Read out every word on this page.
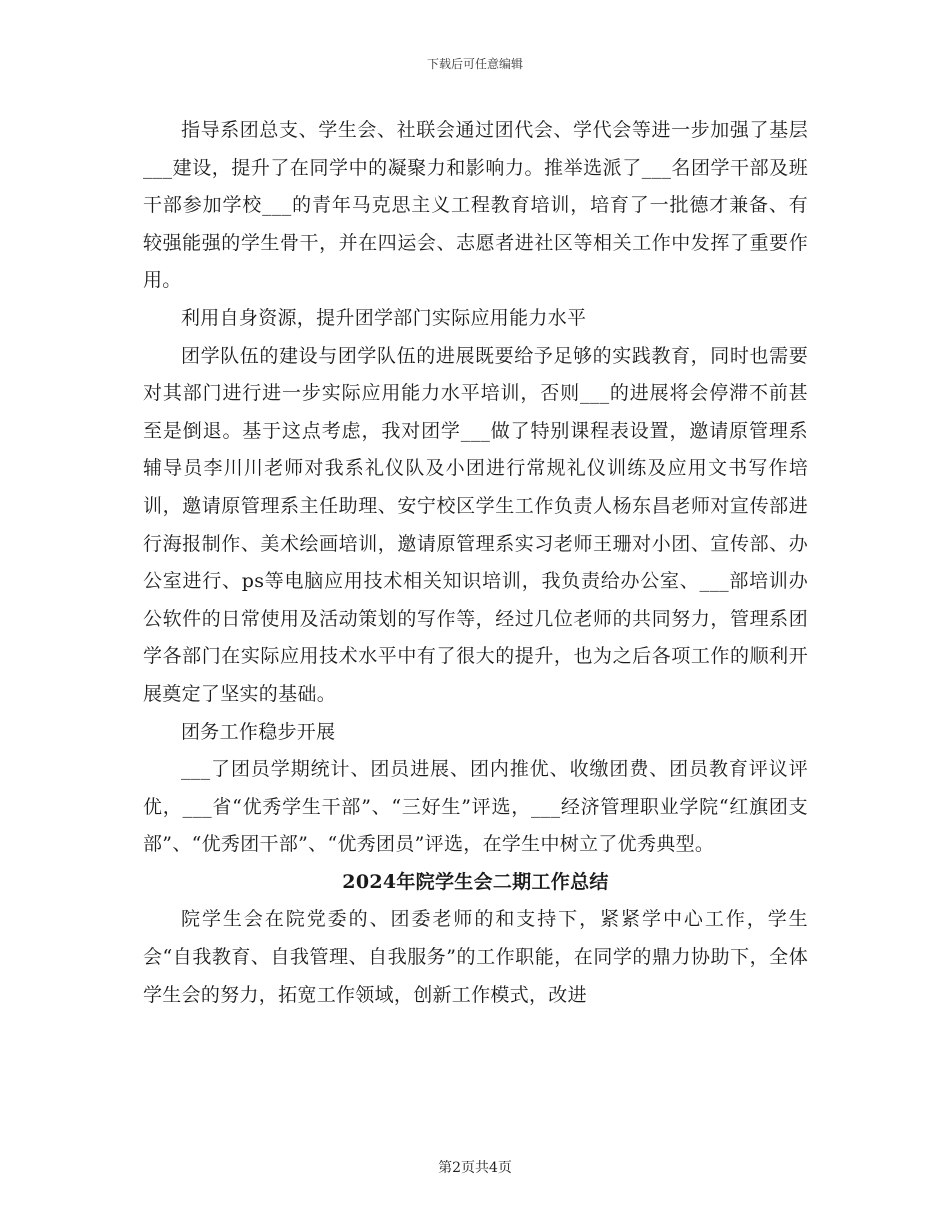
下载后可任意编辑

指导系团总支、学生会、社联会通过团代会、学代会等进一步加强了基层___建设，提升了在同学中的凝聚力和影响力。推举选派了___名团学干部及班干部参加学校___的青年马克思主义工程教育培训，培育了一批德才兼备、有较强能强的学生骨干，并在四运会、志愿者进社区等相关工作中发挥了重要作用。

利用自身资源，提升团学部门实际应用能力水平

团学队伍的建设与团学队伍的进展既要给予足够的实践教育，同时也需要对其部门进行进一步实际应用能力水平培训，否则___的进展将会停滞不前甚至是倒退。基于这点考虑，我对团学___做了特别课程表设置，邀请原管理系辅导员李川川老师对我系礼仪队及小团进行常规礼仪训练及应用文书写作培训，邀请原管理系主任助理、安宁校区学生工作负责人杨东昌老师对宣传部进行海报制作、美术绘画培训，邀请原管理系实习老师王珊对小团、宣传部、办公室进行、ps等电脑应用技术相关知识培训，我负责给办公室、___部培训办公软件的日常使用及活动策划的写作等，经过几位老师的共同努力，管理系团学各部门在实际应用技术水平中有了很大的提升，也为之后各项工作的顺利开展奠定了坚实的基础。

团务工作稳步开展

___了团员学期统计、团员进展、团内推优、收缴团费、团员教育评议评优，___省“优秀学生干部”、“三好生”评选，___经济管理职业学院“红旗团支部”、“优秀团干部”、“优秀团员”评选，在学生中树立了优秀典型。

2024年院学生会二期工作总结

院学生会在院党委的、团委老师的和支持下，紧紧学中心工作，学生会“自我教育、自我管理、自我服务”的工作职能，在同学的鼎力协助下，全体学生会的努力，拓宽工作领域，创新工作模式，改进

第2页共4页
